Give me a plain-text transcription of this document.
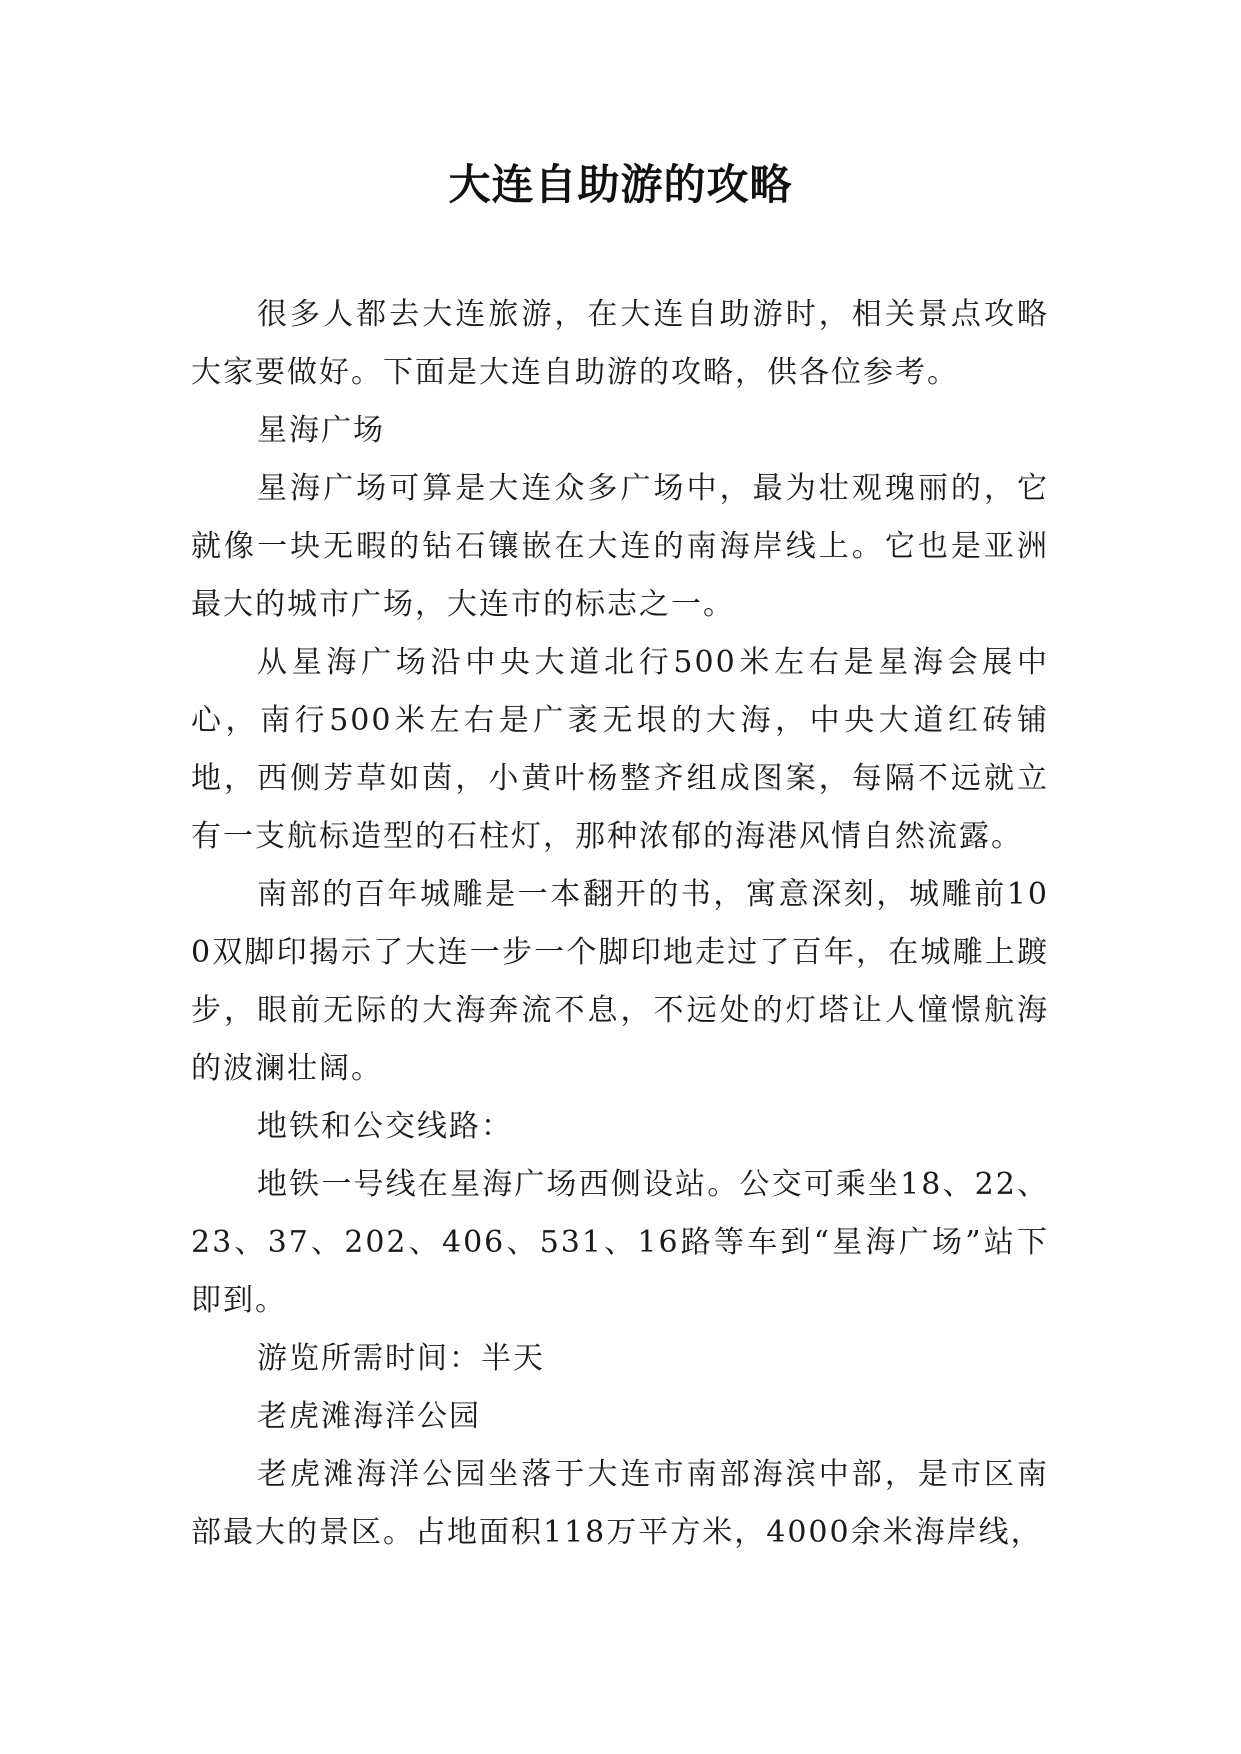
大连自助游的攻略

很多人都去大连旅游，在大连自助游时，相关景点攻略大家要做好。下面是大连自助游的攻略，供各位参考。

星海广场

星海广场可算是大连众多广场中，最为壮观瑰丽的，它就像一块无暇的钻石镶嵌在大连的南海岸线上。它也是亚洲最大的城市广场，大连市的标志之一。

从星海广场沿中央大道北行500米左右是星海会展中心，南行500米左右是广袤无垠的大海，中央大道红砖铺地，西侧芳草如茵，小黄叶杨整齐组成图案，每隔不远就立有一支航标造型的石柱灯，那种浓郁的海港风情自然流露。

南部的百年城雕是一本翻开的书，寓意深刻，城雕前100双脚印揭示了大连一步一个脚印地走过了百年，在城雕上踱步，眼前无际的大海奔流不息，不远处的灯塔让人憧憬航海的波澜壮阔。

地铁和公交线路：

地铁一号线在星海广场西侧设站。公交可乘坐18、22、23、37、202、406、531、16路等车到“星海广场”站下即到。

游览所需时间：半天

老虎滩海洋公园

老虎滩海洋公园坐落于大连市南部海滨中部，是市区南部最大的景区。占地面积118万平方米，4000余米海岸线，
